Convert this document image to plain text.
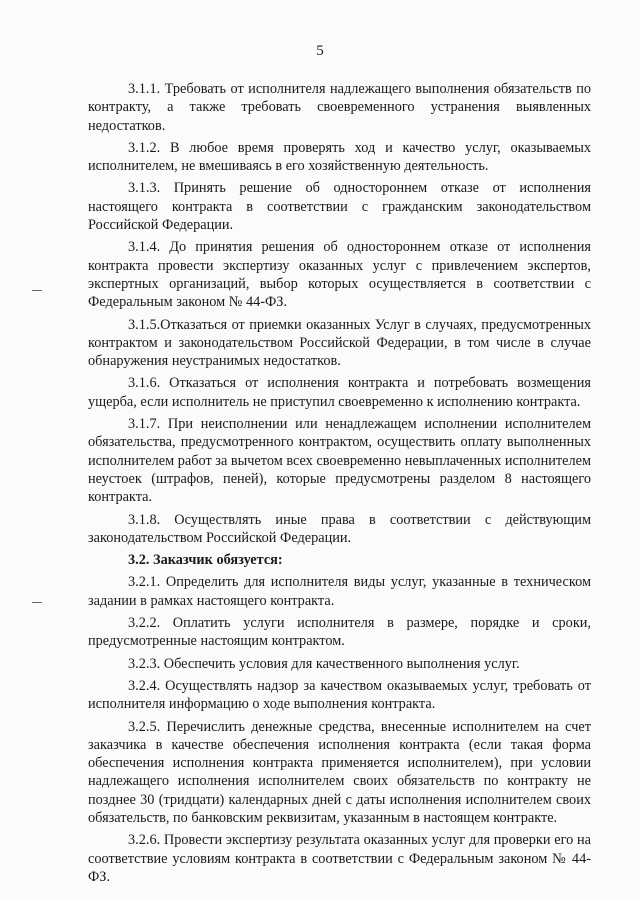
5

3.1.1. Требовать от исполнителя надлежащего выполнения обязательств по контракту, а также требовать своевременного устранения выявленных недостатков.

3.1.2. В любое время проверять ход и качество услуг, оказываемых исполнителем, не вмешиваясь в его хозяйственную деятельность.

3.1.3. Принять решение об одностороннем отказе от исполнения настоящего контракта в соответствии с гражданским законодательством Российской Федерации.

3.1.4. До принятия решения об одностороннем отказе от исполнения контракта провести экспертизу оказанных услуг с привлечением экспертов, экспертных организаций, выбор которых осуществляется в соответствии с Федеральным законом № 44-ФЗ.

3.1.5.Отказаться от приемки оказанных Услуг в случаях, предусмотренных контрактом и законодательством Российской Федерации, в том числе в случае обнаружения неустранимых недостатков.

3.1.6. Отказаться от исполнения контракта и потребовать возмещения ущерба, если исполнитель не приступил своевременно к исполнению контракта.

3.1.7. При неисполнении или ненадлежащем исполнении исполнителем обязательства, предусмотренного контрактом, осуществить оплату выполненных исполнителем работ за вычетом всех своевременно невыплаченных исполнителем неустоек (штрафов, пеней), которые предусмотрены разделом 8 настоящего контракта.

3.1.8. Осуществлять иные права в соответствии с действующим законодательством Российской Федерации.

3.2. Заказчик обязуется:

3.2.1. Определить для исполнителя виды услуг, указанные в техническом задании в рамках настоящего контракта.

3.2.2. Оплатить услуги исполнителя в размере, порядке и сроки, предусмотренные настоящим контрактом.

3.2.3. Обеспечить условия для качественного выполнения услуг.

3.2.4. Осуществлять надзор за качеством оказываемых услуг, требовать от исполнителя информацию о ходе выполнения контракта.

3.2.5. Перечислить денежные средства, внесенные исполнителем на счет заказчика в качестве обеспечения исполнения контракта (если такая форма обеспечения исполнения контракта применяется исполнителем), при условии надлежащего исполнения исполнителем своих обязательств по контракту не позднее 30 (тридцати) календарных дней с даты исполнения исполнителем своих обязательств, по банковским реквизитам, указанным в настоящем контракте.

3.2.6. Провести экспертизу результата оказанных услуг для проверки его на соответствие условиям контракта в соответствии с Федеральным законом № 44-ФЗ.
